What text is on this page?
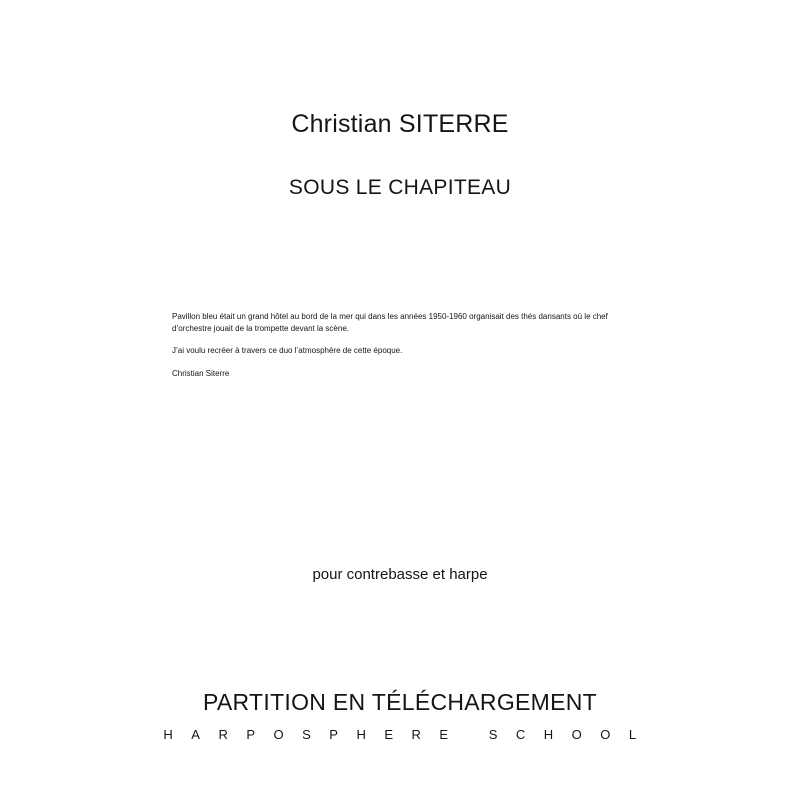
Christian SITERRE
SOUS LE CHAPITEAU

Pavillon bleu était un grand hôtel au bord de la mer qui dans les années 1950-1960 organisait des thés dansants où le chef d’orchestre jouait de la trompette devant la scène.

J’ai voulu recréer à travers ce duo l’atmosphère de cette époque.

Christian Siterre

pour contrebasse et harpe
PARTITION EN TÉLÉCHARGEMENT
HARPOSPHERE SCHOOL
